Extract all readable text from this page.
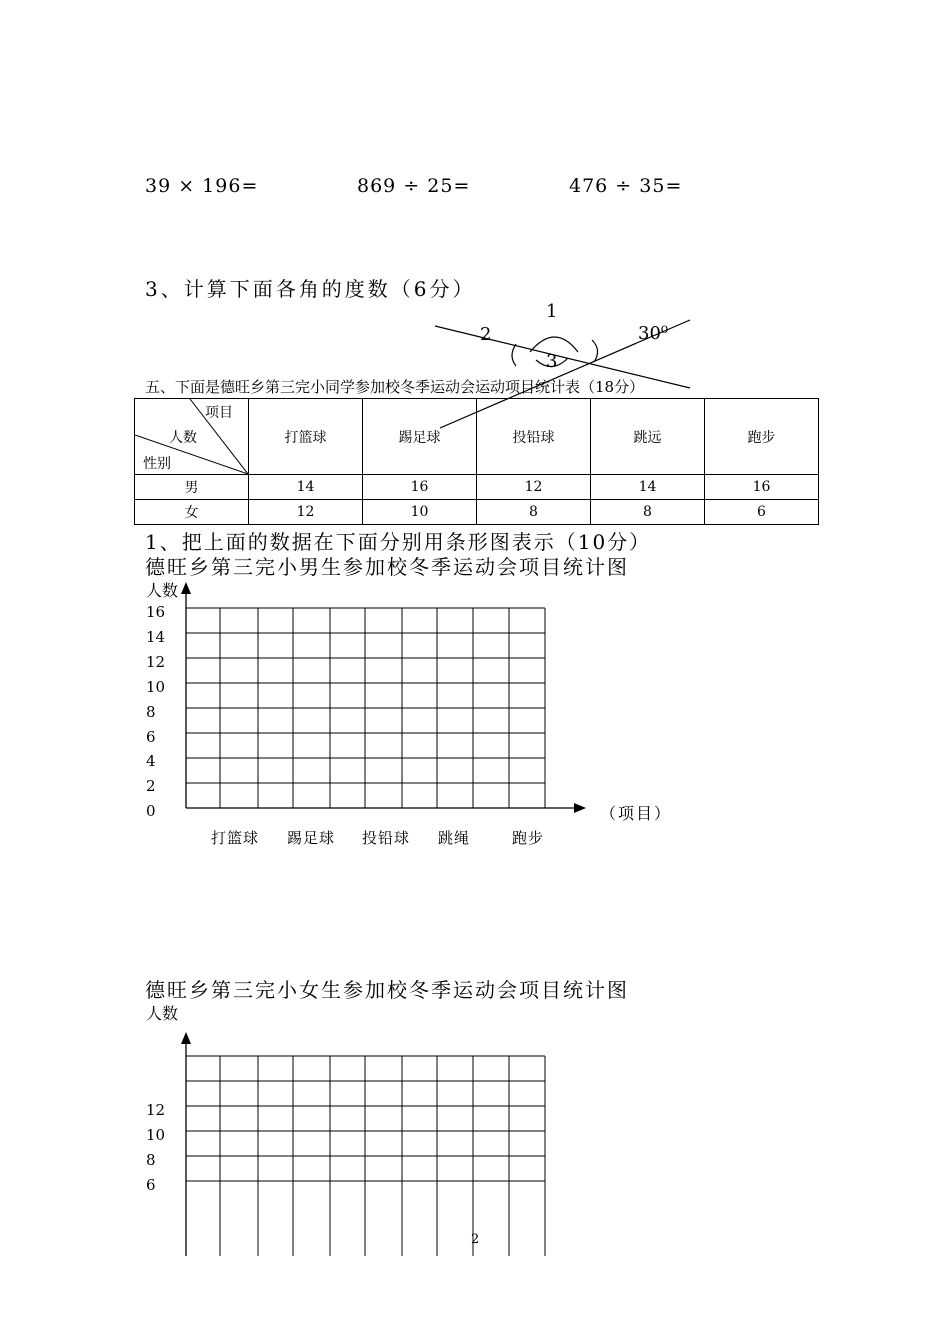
39 × 196=	869 ÷ 25=	476 ÷ 35=
3、计算下面各角的度数（6分）
五、下面是德旺乡第三完小同学参加校冬季运动会运动项目统计表（18分）
项目
人数
性别	打篮球	踢足球	投铅球	跳远	跑步
男	14	16	12	14	16
女	12	10	8	8	6
1
2
3
30⁰
1、把上面的数据在下面分别用条形图表示（10分）
德旺乡第三完小男生参加校冬季运动会项目统计图
人数
16
14
12
10
8
6
4
2
0	（项目）
打篮球 踢足球 投铅球 跳绳	跑步
德旺乡第三完小女生参加校冬季运动会项目统计图
人数
12
10
8
6
2
